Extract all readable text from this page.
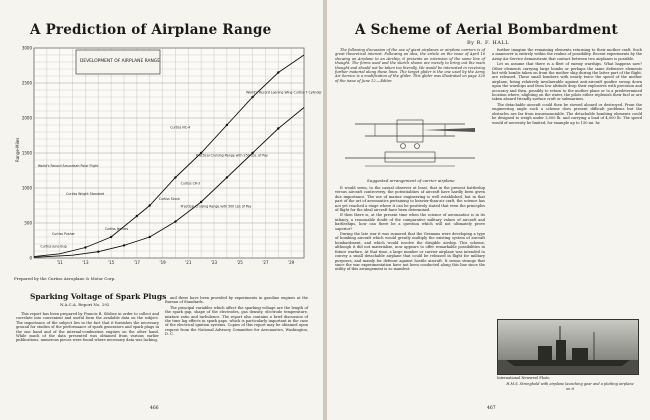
A Prediction of Airplane Range
0
500
1000
1500
2000
2500
3000
'11	'13	'15	'17	'19	'21	'23	'25	'27	'29
World's Record Loening Wing Curtiss 7 Cylinder
World's Record Amundsen Polar Flight
Curtiss NC-4
Practical Cruising Range with 250 Lbs. of Pay
Curtiss CR-3
Curtiss Scout
Curtiss Wright Standard
Practical Cruising Range with 500 Lbs of Pay
Curtiss Pusher
Curtiss June Bug
Curtiss Jennies
DEVELOPMENT OF AIRPLANE RANGE
Range-Miles
Prepared by the Curtiss Aeroplane & Motor Corp.
Sparking Voltage of Spark Plugs
N.A.C.A. Report No. 292

This report has been prepared by Francis B. Silsbee in order to collect and correlate into convenient and useful form the available data on the subject. The importance of the subject lies in the fact that it furnishes the necessary ground for studies of the performance of spark generators and spark plugs in the one hand and of the internal-combustion engines on the other hand. While much of the data presented was obtained from various earlier publications, numerous pieces were found where necessary data was lacking,

and these have been provided by experiments in gasoline engines at the Bureau of Standards.

The principal variables which affect the sparking voltage are the length of the spark gap, shape of the electrodes, gas density, electrode temperature, mixture ratio and turbulence. The report also contains a brief discussion of the time lag effects in spark gaps, which is particularly important in the case of the electrical ignition systems. Copies of this report may be obtained upon request from the National Advisory Committee for Aeronautics, Washington, D. C.

466
A Scheme of Aerial Bombardment
By R. F. HALL

The following discussion of the use of giant airplanes or airplane carriers is of great theoretical interest. Following an idea, the article on the issue of April 16 showing an Airplane to an Airship, it presents an extension of the same line of thought. The forms used and the sketch shown are merely to bring out the main thought and should not be taken too literally. We would be interested in receiving further material along these lines. The target glider is the one used by the Army Air Service is a modification of the glider. This glider was illustrated on page 320 of the issue of June 12.—Editor.

Suggested arrangement of carrier airplane

It would seem, to the casual observer at least, that in the present battleship versus aircraft controversy, the potentialities of aircraft have hardly been given due importance. The use of marine engineering is well established, but in that part of the art of aeronautics pertaining to heavier-than-air craft, the science has not yet reached a stage where it can be positively stated that even the principles of flight for the ideal aircraft have been determined.

If then there is, at the present time when the science of aeronautics is in its infancy, a reasonable doubt of the comparative military values of aircraft and battleships, how can there be a question which will not ultimately prove superior?

During the late war it was rumored that the Germans were developing a type of bombing aircraft which would greatly multiply the existing system of aircraft bombardment, and which would involve the dirigible airship. This scheme, although it did not materialize, now appears to offer remarkable possibilities in future warfare. At that time, a large number or carrier airplane was intended to convey a small detachable airplane that could be released in flight for military purposes, and mainly for defense against hostile aircraft. It seems strange that since the war experimentation have not been conducted along this line since the utility of this arrangement is so manifest.

further imagine the remaining elements returning to their mother craft. Such a maneuver is entirely within the realms of possibility. Recent experiments by the Army Air Service demonstrate that contact between two airplanes is possible.

Let us assume that there is a fleet of enemy warships. What happens now? Other elements carrying large bombs or perhaps the same defensive elements but with bombs taken on from the mother ship during the latter part of the flight, are released. These small bombers with nearly twice the speed of the mother airplane, being relatively invulnerable against anti-aircraft gunfire swoop down upon the warships and from low altitude drop their explosives with precision and accuracy and then, possibly to return to the mother plane or to a predetermined location where, alighting on the water, the pilots either replenish their fuel or are taken aboard friendly surface craft or submarines.

The detachable aircraft could then be stowed aboard or destroyed. From the engineering angle such a scheme does present difficult problems but the obstacles are far from insurmountable. The detachable bombing elements could be designed to weigh under 3,000 lb. and carrying a load of 4,000 lb. The speed would of necessity be limited, for example up to 150 mi. hr.

International Newsreel Photo
H.M.S. Stronghold with airplane launching gear and a plotting airplane on it
467
